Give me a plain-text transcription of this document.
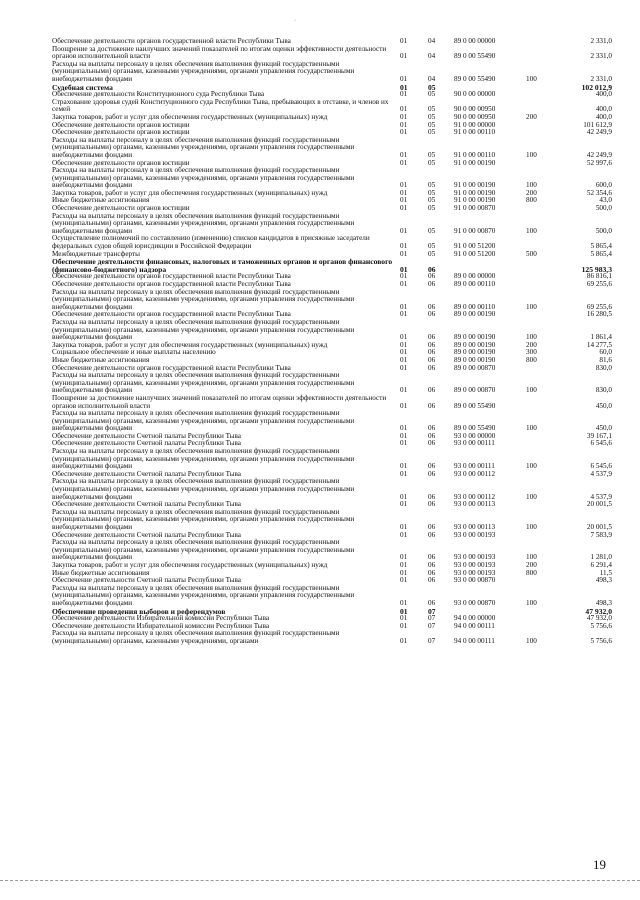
·
Обеспечение деятельности органов государственной власти Республики Тыва	01	04	89 0 00 00000		2 331,0
Поощрение за достижение наилучших значений показателей по итогам оценки эффективности деятельности органов исполнительной власти	01	04	89 0 00 55490		2 331,0
Расходы на выплаты персоналу в целях обеспечения выполнения функций государственными (муниципальными) органами, казенными учреждениями, органами управления государственными внебюджетными фондами	01	04	89 0 00 55490	100	2 331,0
Судебная система	01	05			102 012,9
Обеспечение деятельности Конституционного суда Республики Тыва	01	05	90 0 00 00000		400,0
Страхование здоровья судей Конституционного суда Республики Тыва, пребывающих в отставке, и членов их семей	01	05	90 0 00 00950		400,0
Закупка товаров, работ и услуг для обеспечения государственных (муниципальных) нужд	01	05	90 0 00 00950	200	400,0
Обеспечение деятельности органов юстиции	01	05	91 0 00 00000		101 612,9
Обеспечение деятельности органов юстиции	01	05	91 0 00 00110		42 249,9
Расходы на выплаты персоналу в целях обеспечения выполнения функций государственными (муниципальными) органами, казенными учреждениями, органами управления государственными внебюджетными фондами	01	05	91 0 00 00110	100	42 249,9
Обеспечение деятельности органов юстиции	01	05	91 0 00 00190		52 997,6
Расходы на выплаты персоналу в целях обеспечения выполнения функций государственными (муниципальными) органами, казенными учреждениями, органами управления государственными внебюджетными фондами	01	05	91 0 00 00190	100	600,0
Закупка товаров, работ и услуг для обеспечения государственных (муниципальных) нужд	01	05	91 0 00 00190	200	52 354,6
Иные бюджетные ассигнования	01	05	91 0 00 00190	800	43,0
Обеспечение деятельности органов юстиции	01	05	91 0 00 00870		500,0
Расходы на выплаты персоналу в целях обеспечения выполнения функций государственными (муниципальными) органами, казенными учреждениями, органами управления государственными внебюджетными фондами	01	05	91 0 00 00870	100	500,0
Осуществление полномочий по составлению (изменению) списков кандидатов в присяжные заседатели федеральных судов общей юрисдикции в Российской Федерации	01	05	91 0 00 51200		5 865,4
Межбюджетные трансферты	01	05	91 0 00 51200	500	5 865,4
Обеспечение деятельности финансовых, налоговых и таможенных органов и органов финансового (финансово-бюджетного) надзора	01	06			125 983,3
Обеспечение деятельности органов государственной власти Республики Тыва	01	06	89 0 00 00000		86 816,1
Обеспечение деятельности органов государственной власти Республики Тыва	01	06	89 0 00 00110		69 255,6
Расходы на выплаты персоналу в целях обеспечения выполнения функций государственными (муниципальными) органами, казенными учреждениями, органами управления государственными внебюджетными фондами	01	06	89 0 00 00110	100	69 255,6
Обеспечение деятельности органов государственной власти Республики Тыва	01	06	89 0 00 00190		16 280,5
Расходы на выплаты персоналу в целях обеспечения выполнения функций государственными (муниципальными) органами, казенными учреждениями, органами управления государственными внебюджетными фондами	01	06	89 0 00 00190	100	1 861,4
Закупка товаров, работ и услуг для обеспечения государственных (муниципальных) нужд	01	06	89 0 00 00190	200	14 277,5
Социальное обеспечение и иные выплаты населению	01	06	89 0 00 00190	300	60,0
Иные бюджетные ассигнования	01	06	89 0 00 00190	800	81,6
Обеспечение деятельности органов государственной власти Республики Тыва	01	06	89 0 00 00870		830,0
Расходы на выплаты персоналу в целях обеспечения выполнения функций государственными (муниципальными) органами, казенными учреждениями, органами управления государственными внебюджетными фондами	01	06	89 0 00 00870	100	830,0
Поощрение за достижение наилучших значений показателей по итогам оценки эффективности деятельности органов исполнительной власти	01	06	89 0 00 55490		450,0
Расходы на выплаты персоналу в целях обеспечения выполнения функций государственными (муниципальными) органами, казенными учреждениями, органами управления государственными внебюджетными фондами	01	06	89 0 00 55490	100	450,0
Обеспечение деятельности Счетной палаты Республики Тыва	01	06	93 0 00 00000		39 167,1
Обеспечение деятельности Счетной палаты Республики Тыва	01	06	93 0 00 00111		6 545,6
Расходы на выплаты персоналу в целях обеспечения выполнения функций государственными (муниципальными) органами, казенными учреждениями, органами управления государственными внебюджетными фондами	01	06	93 0 00 00111	100	6 545,6
Обеспечение деятельности Счетной палаты Республики Тыва	01	06	93 0 00 00112		4 537,9
Расходы на выплаты персоналу в целях обеспечения выполнения функций государственными (муниципальными) органами, казенными учреждениями, органами управления государственными внебюджетными фондами	01	06	93 0 00 00112	100	4 537,9
Обеспечение деятельности Счетной палаты Республики Тыва	01	06	93 0 00 00113		20 001,5
Расходы на выплаты персоналу в целях обеспечения выполнения функций государственными (муниципальными) органами, казенными учреждениями, органами управления государственными внебюджетными фондами	01	06	93 0 00 00113	100	20 001,5
Обеспечение деятельности Счетной палаты Республики Тыва	01	06	93 0 00 00193		7 583,9
Расходы на выплаты персоналу в целях обеспечения выполнения функций государственными (муниципальными) органами, казенными учреждениями, органами управления государственными внебюджетными фондами	01	06	93 0 00 00193	100	1 281,0
Закупка товаров, работ и услуг для обеспечения государственных (муниципальных) нужд	01	06	93 0 00 00193	200	6 291,4
Иные бюджетные ассигнования	01	06	93 0 00 00193	800	11,5
Обеспечение деятельности Счетной палаты Республики Тыва	01	06	93 0 00 00870		498,3
Расходы на выплаты персоналу в целях обеспечения выполнения функций государственными (муниципальными) органами, казенными учреждениями, органами управления государственными внебюджетными фондами	01	06	93 0 00 00870	100	498,3
Обеспечение проведения выборов и референдумов	01	07			47 932,0
Обеспечение деятельности Избирательной комиссии Республики Тыва	01	07	94 0 00 00000		47 932,0
Обеспечение деятельности Избирательной комиссии Республики Тыва	01	07	94 0 00 00111		5 756,6
Расходы на выплаты персоналу в целях обеспечения выполнения функций государственными (муниципальными) органами, казенными учреждениями, органами	01	07	94 0 00 00111	100	5 756,6
19
